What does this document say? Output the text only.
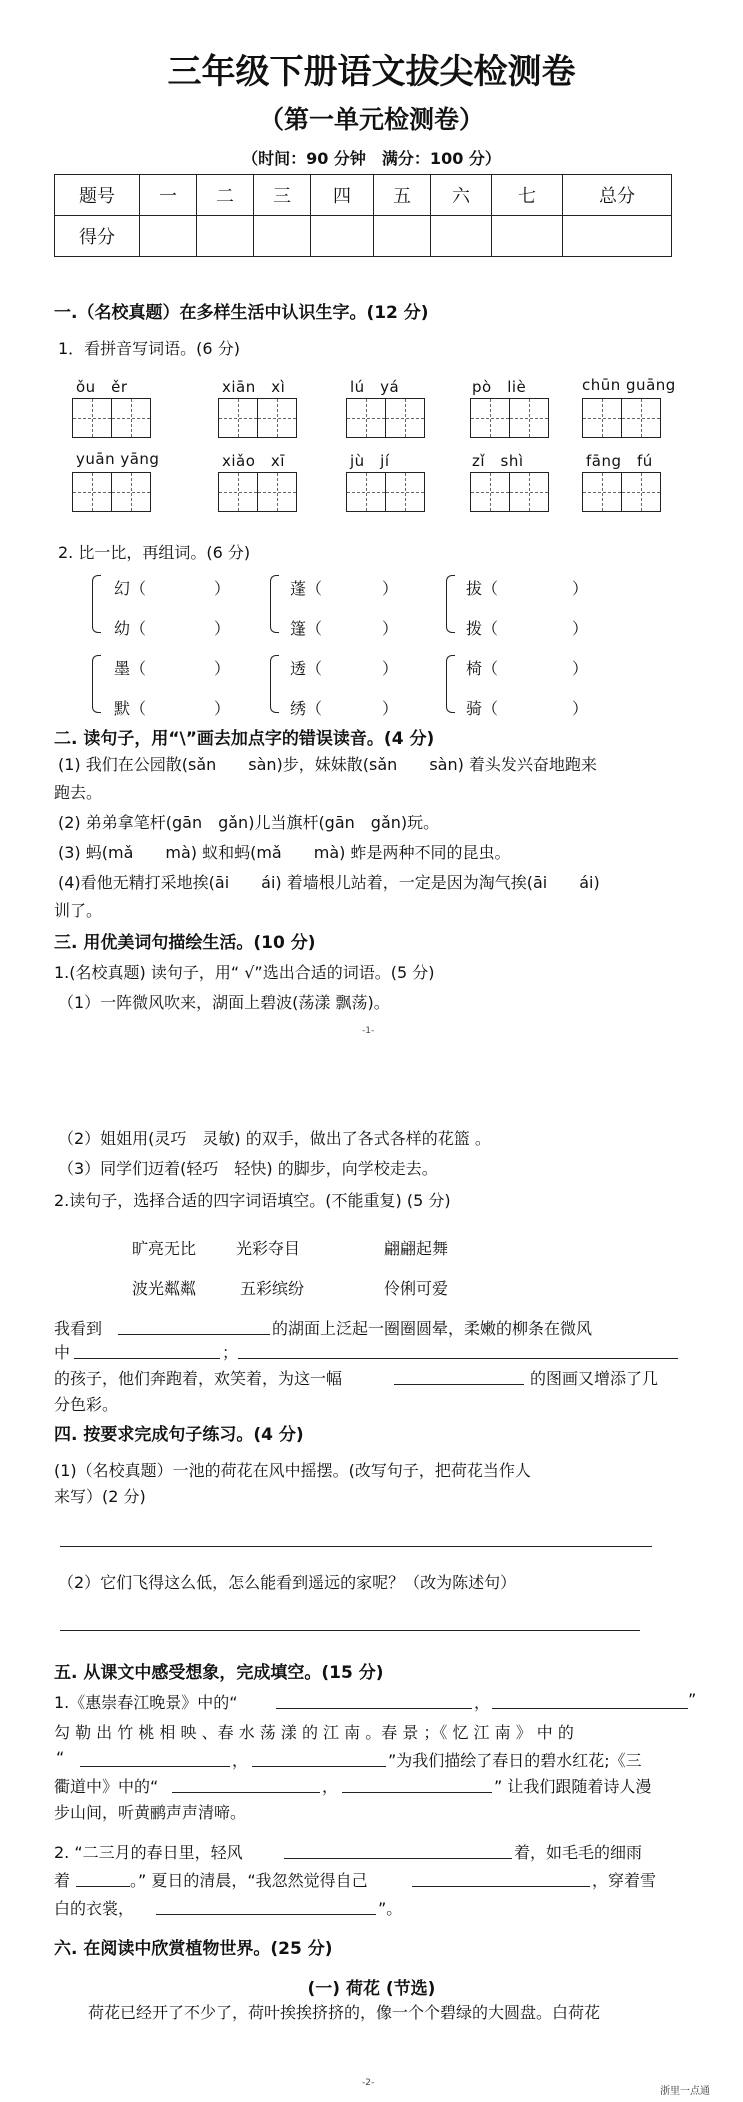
三年级下册语文拔尖检测卷
（第一单元检测卷）
（时间：90 分钟　满分：100 分）
题号	一	二	三	四	五	六	七	总分
得分								
一.（名校真题）在多样生活中认识生字。(12 分)
1．看拼音写词语。(6 分)
ǒu　ěr	xiān　xì	lú　yá	pò　liè	chūn guāng
yuān yāng	xiǎo　xī	jù　jí	zǐ　shì	fāng　fú
2. 比一比，再组词。(6 分)
幻（	）
幼（	）
蓬（	）
篷（	）
拔（	）
拨（	）
墨（	）
默（	）
透（	）
绣（	）
椅（	）
骑（	）
二. 读句子，用“\”画去加点字的错误读音。(4 分)
(1) 我们在公园散(sǎn　　sàn)步，妹妹散(sǎn　　sàn) 着头发兴奋地跑来
跑去。
(2) 弟弟拿笔杆(gān　gǎn)儿当旗杆(gān　gǎn)玩。
(3) 蚂(mǎ　　mà) 蚁和蚂(mǎ　　mà) 蚱是两种不同的昆虫。
(4)看他无精打采地挨(āi　　ái) 着墙根儿站着，一定是因为淘气挨(āi　　ái)
训了。
三. 用优美词句描绘生活。(10 分)
1.(名校真题) 读句子，用“ √”选出合适的词语。(5 分)
（1）一阵微风吹来，湖面上碧波(荡漾 飘荡)。
-1-
（2）姐姐用(灵巧　灵敏) 的双手，做出了各式各样的花篮 。
（3）同学们迈着(轻巧　轻快) 的脚步，向学校走去。
2.读句子，选择合适的四字词语填空。(不能重复) (5 分)
旷亮无比 光彩夺目	翩翩起舞
波光粼粼	五彩缤纷	伶俐可爱
我看到	的湖面上泛起一圈圈圆晕，柔嫩的柳条在微风
中	；
的孩子，他们奔跑着，欢笑着，为这一幅	的图画又增添了几
分色彩。
四. 按要求完成句子练习。(4 分)
(1)（名校真题）一池的荷花在风中摇摆。(改写句子，把荷花当作人
来写）(2 分)
（2）它们飞得这么低，怎么能看到遥远的家呢？（改为陈述句）
五. 从课文中感受想象，完成填空。(15 分)
1.《惠崇春江晚景》中的“	，	”
勾 勒 出 竹 桃 相 映 、春 水 荡 漾 的 江 南 。春 景 ；《 忆 江 南 》 中 的
“	，	”为我们描绘了春日的碧水红花;《三
衢道中》中的“	，	” 让我们跟随着诗人漫
步山间，听黄鹂声声清啼。
2. “二三月的春日里，轻风	着，如毛毛的细雨
着	。” 夏日的清晨，“我忽然觉得自己	，穿着雪
白的衣裳，	”。
六. 在阅读中欣赏植物世界。(25 分)
(一) 荷花 (节选)
荷花已经开了不少了，荷叶挨挨挤挤的，像一个个碧绿的大圆盘。白荷花
-2-
浙里一点通
